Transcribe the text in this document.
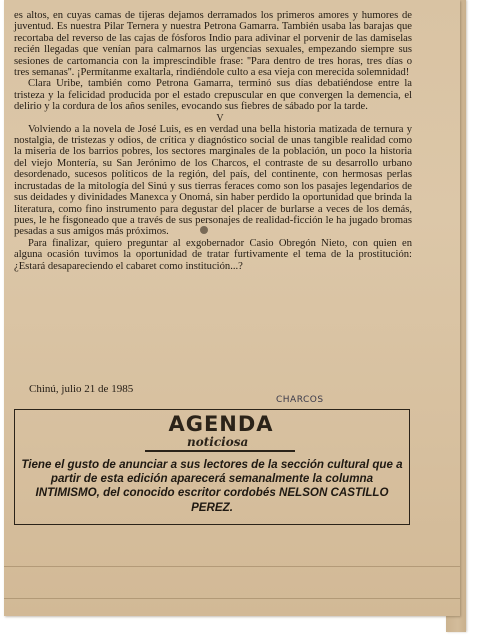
es altos, en cuyas camas de tijeras dejamos derramados los primeros amores y humores de juventud. Es nuestra Pilar Ternera y nuestra Petrona Gamarra. También usaba las barajas que recortaba del reverso de las cajas de fósforos Indio para adivinar el porvenir de las damiselas recién llegadas que venían para calmarnos las urgencias sexuales, empezando siempre sus sesiones de cartomancia con la imprescindible frase: ''Para dentro de tres horas, tres días o tres semanas''. ¡Permítanme exaltarla, rindiéndole culto a esa vieja con merecida solemnidad!

Clara Uribe, también como Petrona Gamarra, terminó sus días debatiéndose entre la tristeza y la felicidad producida por el estado crepuscular en que convergen la demencia, el delirio y la cordura de los años seniles, evocando sus fiebres de sábado por la tarde.

V

Volviendo a la novela de José Luis, es en verdad una bella historia matizada de ternura y nostalgia, de tristezas y odios, de crítica y diagnóstico social de unas tangible realidad como la miseria de los barrios pobres, los sectores marginales de la población, un poco la historia del viejo Montería, su San Jerónimo de los Charcos, el contraste de su desarrollo urbano desordenado, sucesos políticos de la región, del país, del continente, con hermosas perlas incrustadas de la mitología del Sinú y sus tierras feraces como son los pasajes legendarios de sus deidades y divinidades Manexca y Onomá, sin haber perdido la oportunidad que brinda la literatura, como fino instrumento para degustar del placer de burlarse a veces de los demás, pues, le he fisgoneado que a través de sus personajes de realidad-ficción le ha jugado bromas pesadas a sus amigos más próximos.

Para finalizar, quiero preguntar al exgobernador Casio Obregón Nieto, con quien en alguna ocasión tuvimos la oportunidad de tratar furtivamente el tema de la prostitución: ¿Estará desapareciendo el cabaret como institución...?

Chinú, julio 21 de 1985
CHARCOS
AGENDA
noticiosa
Tiene el gusto de anunciar a sus lectores de la sección cultural que a partir de esta edición aparecerá semanalmente la columna INTIMISMO, del conocido escritor cordobés NELSON CASTILLO PEREZ.
